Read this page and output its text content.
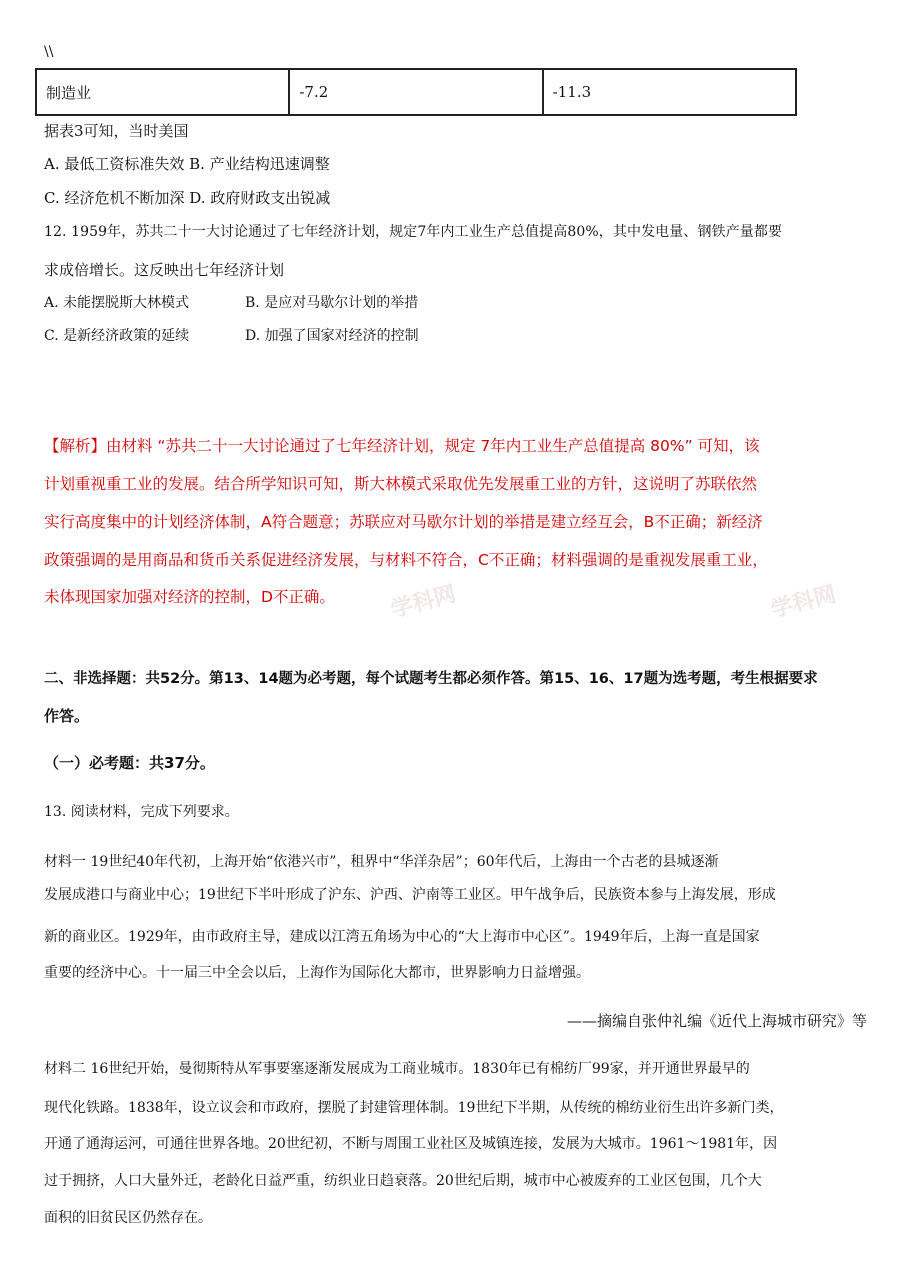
\\
制造业	-7.2	-11.3
据表3可知，当时美国
A. 最低工资标准失效 B. 产业结构迅速调整
C. 经济危机不断加深 D. 政府财政支出锐减
12. 1959年，苏共二十一大讨论通过了七年经济计划，规定7年内工业生产总值提高80%，其中发电量、钢铁产量都要
求成倍增长。这反映出七年经济计划
A. 未能摆脱斯大林模式	B. 是应对马歇尔计划的举措
C. 是新经济政策的延续	D. 加强了国家对经济的控制
学科网	学科网
【解析】由材料 “苏共二十一大讨论通过了七年经济计划，规定 7年内工业生产总值提高 80%” 可知，该
计划重视重工业的发展。结合所学知识可知，斯大林模式采取优先发展重工业的方针，这说明了苏联依然
实行高度集中的计划经济体制，A符合题意；苏联应对马歇尔计划的举措是建立经互会，B不正确；新经济
政策强调的是用商品和货币关系促进经济发展，与材料不符合，C不正确；材料强调的是重视发展重工业，
未体现国家加强对经济的控制，D不正确。
二、非选择题：共52分。第13、14题为必考题，每个试题考生都必须作答。第15、16、17题为选考题，考生根据要求
作答。
（一）必考题：共37分。
13. 阅读材料，完成下列要求。
材料一 19世纪40年代初，上海开始“依港兴市”，租界中“华洋杂居”；60年代后，上海由一个古老的县城逐渐
发展成港口与商业中心；19世纪下半叶形成了沪东、沪西、沪南等工业区。甲午战争后，民族资本参与上海发展，形成
新的商业区。1929年，由市政府主导，建成以江湾五角场为中心的“大上海市中心区”。1949年后，上海一直是国家
重要的经济中心。十一届三中全会以后，上海作为国际化大都市，世界影响力日益增强。
——摘编自张仲礼编《近代上海城市研究》等
材料二 16世纪开始，曼彻斯特从军事要塞逐渐发展成为工商业城市。1830年已有棉纺厂99家，并开通世界最早的
现代化铁路。1838年，设立议会和市政府，摆脱了封建管理体制。19世纪下半期，从传统的棉纺业衍生出许多新门类，
开通了通海运河，可通往世界各地。20世纪初，不断与周围工业社区及城镇连接，发展为大城市。1961～1981年，因
过于拥挤，人口大量外迁，老龄化日益严重，纺织业日趋衰落。20世纪后期，城市中心被废弃的工业区包围，几个大
面积的旧贫民区仍然存在。
